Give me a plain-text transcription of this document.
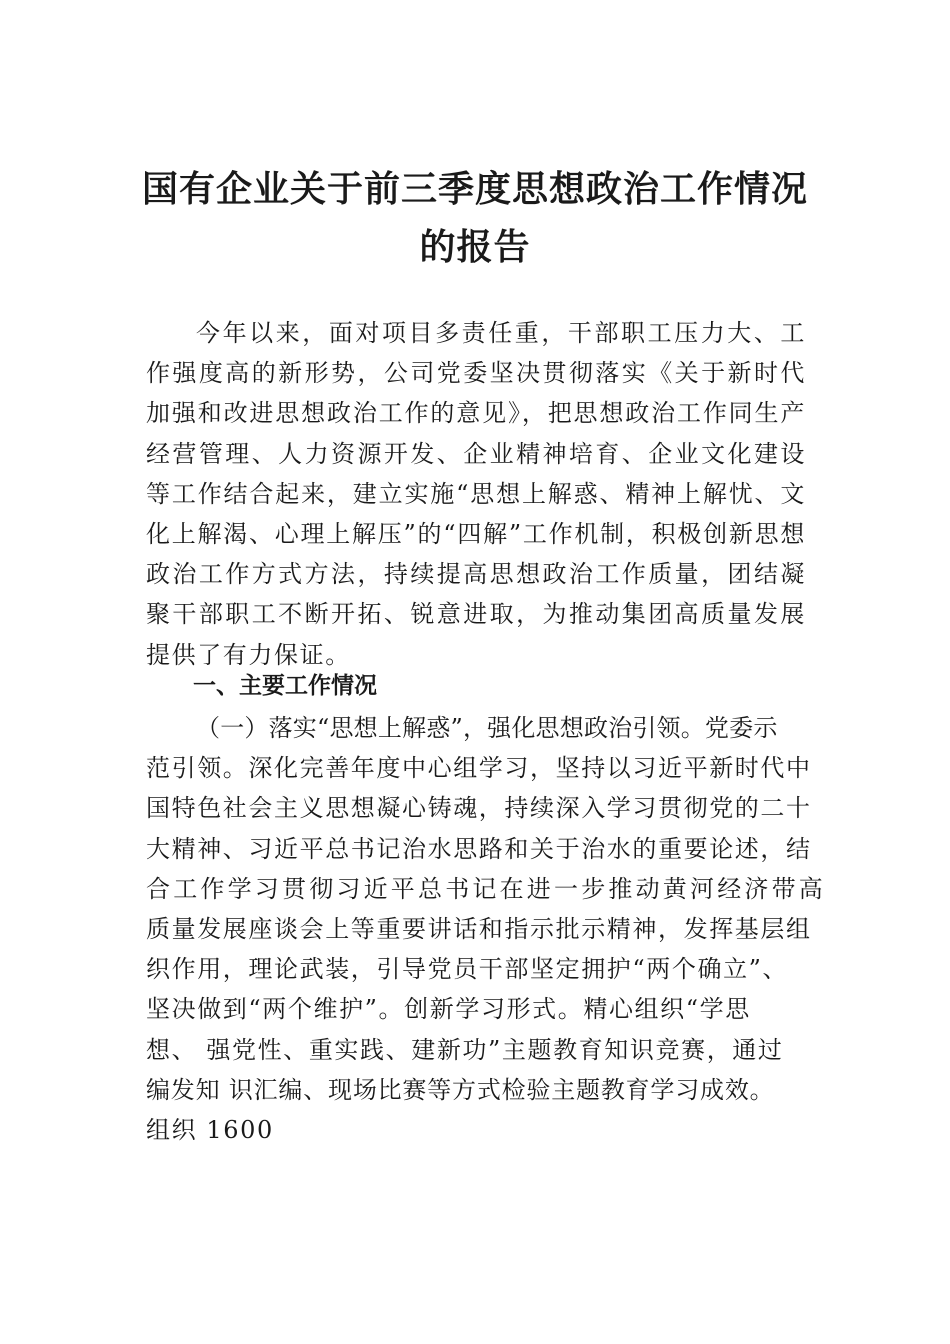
国有企业关于前三季度思想政治工作情况
的报告

今年以来，面对项目多责任重，干部职工压力大、工作强度高的新形势，公司党委坚决贯彻落实《关于新时代加强和改进思想政治工作的意见》，把思想政治工作同生产经营管理、人力资源开发、企业精神培育、企业文化建设等工作结合起来，建立实施“思想上解惑、精神上解忧、文化上解渴、心理上解压”的“四解”工作机制，积极创新思想政治工作方式方法，持续提高思想政治工作质量，团结凝聚干部职工不断开拓、锐意进取，为推动集团高质量发展提供了有力保证。

一、主要工作情况
（一）落实“思想上解惑”，强化思想政治引领。党委示
范引领。深化完善年度中心组学习，坚持以习近平新时代中
国特色社会主义思想凝心铸魂，持续深入学习贯彻党的二十
大精神、习近平总书记治水思路和关于治水的重要论述，结
合工作学习贯彻习近平总书记在进一步推动黄河经济带高
质量发展座谈会上等重要讲话和指示批示精神，发挥基层组
织作用，理论武装，引导党员干部坚定拥护“两个确立”、
坚决做到“两个维护”。创新学习形式。精心组织“学思
想、 强党性、重实践、建新功”主题教育知识竞赛，通过
编发知 识汇编、现场比赛等方式检验主题教育学习成效。
组织 1600
